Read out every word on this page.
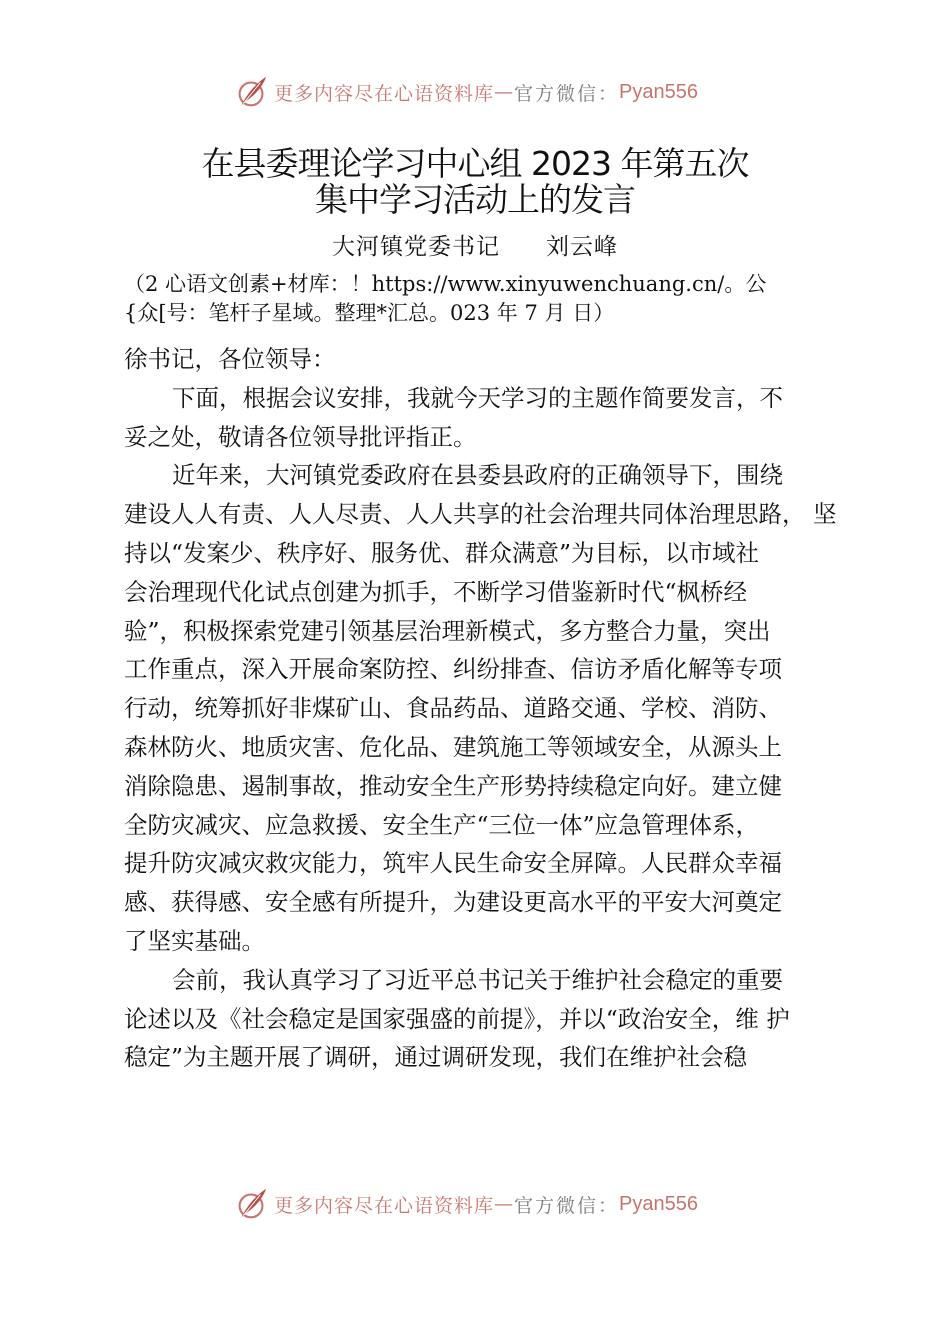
更多内容尽在心语资料库 — 官方微信： Pyan556
在县委理论学习中心组 2023 年第五次
集中学习活动上的发言
大河镇党委书记 刘云峰
（2 心语文创素+材库：！https://www.xinyuwenchuang.cn/。公
{众[号：笔杆子星域。整理*汇总。023 年 7 月 日）

徐书记，各位领导：

下面，根据会议安排，我就今天学习的主题作简要发言，不

妥之处，敬请各位领导批评指正。

近年来，大河镇党委政府在县委县政府的正确领导下，围绕

建设人人有责、人人尽责、人人共享的社会治理共同体治理思路， 坚

持以“发案少、秩序好、服务优、群众满意”为目标，以市域社

会治理现代化试点创建为抓手，不断学习借鉴新时代“枫桥经

验”，积极探索党建引领基层治理新模式，多方整合力量，突出

工作重点，深入开展命案防控、纠纷排查、信访矛盾化解等专项

行动，统筹抓好非煤矿山、食品药品、道路交通、学校、消防、

森林防火、地质灾害、危化品、建筑施工等领域安全，从源头上

消除隐患、遏制事故，推动安全生产形势持续稳定向好。建立健

全防灾减灾、应急救援、安全生产“三位一体”应急管理体系，

提升防灾减灾救灾能力，筑牢人民生命安全屏障。人民群众幸福

感、获得感、安全感有所提升，为建设更高水平的平安大河奠定

了坚实基础。

会前，我认真学习了习近平总书记关于维护社会稳定的重要

论述以及《社会稳定是国家强盛的前提》，并以“政治安全，维 护

稳定”为主题开展了调研，通过调研发现，我们在维护社会稳

更多内容尽在心语资料库 — 官方微信： Pyan556
